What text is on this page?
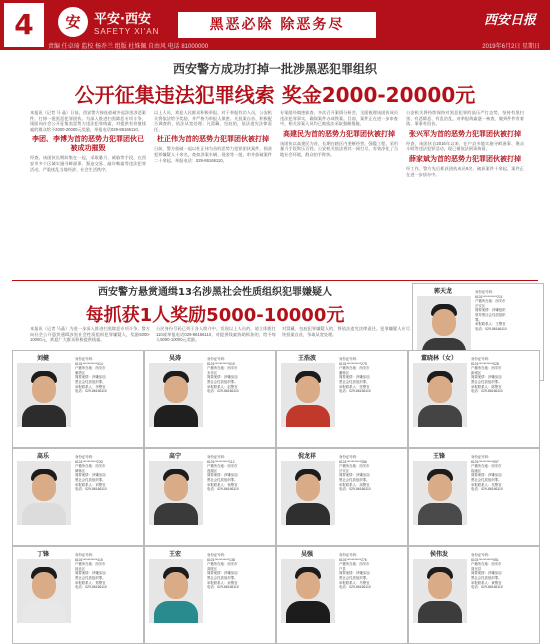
4	安	平安·西安
SAFETY XI'AN	黑恶必除 除恶务尽	西安日报
责编 任卓琦 监校 杨乔兰 组版 杜姝佩 自由风 电话 81000000	2019年6月2日 星期日
西安警方成功打掉一批涉黑恶犯罪组织
公开征集违法犯罪线索 奖金2000-20000元

本报讯（记者 马 晶）日前，西安警方接连侦破多起涉黑涉恶案件，打掉一批黑恶犯罪团伙。为深入推进扫黑除恶专项斗争，现面向社会公开征集黑恶势力违法犯罪线索，对提供有价值线索的群众给予2000-20000元奖励，举报电话029-86166110。

李团、李博为首的恶势力犯罪团伙已被成功摧毁

经查，该团伙长期纠集在一起，采取暴力、威胁等手段，在西安市多个区域实施寻衅滋事、强迫交易、敲诈勒索等违法犯罪活动，严重扰乱当地经济、社会生活秩序。

以上人员，欢迎人民群众积极举报。对于举报有功人员，公安机关将依法给予奖励，并严格为举报人保密。凡投案自首、积极配合调查的，依法从宽处理；凡窝藏、包庇的，依法追究法律责任。

杜正伟为首的恶势力犯罪团伙被打掉

日前，警方侦破一起以杜正伟为首的恶势力犯罪团伙案件，抓获犯罪嫌疑人十余名，查扣涉案车辆、现金等一批，串并侦破案件二十余起。举报电话：029-86166110。

专案组经缜密侦查，多次召开案情分析会，全面梳理该团伙成员违法犯罪事实，确保案件办成铁案。目前，案件正在进一步审查中，相关涉案人员均已被依法采取强制措施。

高建民为首的恶势力犯罪团伙被打掉

该团伙以高建民为首，长期在辖区内垄断经营，强揽工程，采用暴力手段欺压百姓。公安机关依法将其一网打尽，有效净化了当地社会环境，群众拍手称快。

公安机关将持续保持对黑恶犯罪的高压严打态势，坚持有黑扫黑、有恶除恶、有乱治乱，对举报线索逐一核查，做到件件有着落、事事有回音。

张兴军为首的恶势力犯罪团伙被打掉

经查，该团伙自2016年以来，在户县多地实施寻衅滋事、聚众斗殴等违法犯罪活动，现已被依法刑事拘留。

薛家斌为首的恶势力犯罪团伙被打掉

经工作，警方先后抓获团伙成员8名，破获案件十余起，案件正在进一步侦办中。

西安警方悬赏通缉13名涉黑社会性质组织犯罪嫌疑人
每抓获1人奖励5000-10000元

本报讯（记者 马晶）为进一步深入推进扫黑除恶专项斗争，警方向社会公开悬赏通缉涉黑社会性质组织犯罪嫌疑人，奖励5000-10000元，欢迎广大群众积极提供线索。

公民身份号码已列于各人简介中。发现以上人员的，请立即拨打110或举报电话029-86166110。对提供线索协助抓获的，给予每人5000-10000元奖励。

对窝藏、包庇犯罪嫌疑人的，将依法追究法律责任。犯罪嫌疑人应尽快投案自首，争取从宽处理。

郭天龙	身份证号码：

6101***********211

户籍所在地：西安市

长安区

简要案情：涉嫌组织

领导黑社会性质组织

罪。

举报联系人：王警官

电话：029-86166110

刘健	身份证号码：

6101***********314

户籍所在地：西安市

雁塔区

简要案情：涉嫌参加

黑社会性质组织罪。

举报联系人：李警官

电话：029-86166110

吴涛	身份证号码：

6101***********019

户籍所在地：西安市

未央区

简要案情：涉嫌参加

黑社会性质组织罪。

举报联系人：赵警官

电话：029-86166110

王浩波	身份证号码：

6101***********275

户籍所在地：西安市

灞桥区

简要案情：涉嫌参加

黑社会性质组织罪。

举报联系人：张警官

电话：029-86166110

董晓林（女）	身份证号码：

6101***********028

户籍所在地：西安市

新城区

简要案情：涉嫌参加

黑社会性质组织罪。

举报联系人：陈警官

电话：029-86166110

高乐	身份证号码：

6101***********233

户籍所在地：西安市

碑林区

简要案情：涉嫌参加

黑社会性质组织罪。

举报联系人：刘警官

电话：029-86166110

高宁	身份证号码：

6101***********112

户籍所在地：西安市

莲湖区

简要案情：涉嫌参加

黑社会性质组织罪。

举报联系人：杨警官

电话：029-86166110

倪龙祥	身份证号码：

6101***********356

户籍所在地：西安市

长安区

简要案情：涉嫌参加

黑社会性质组织罪。

举报联系人：周警官

电话：029-86166110

王锋	身份证号码：

6101***********097

户籍所在地：西安市

临潼区

简要案情：涉嫌参加

黑社会性质组织罪。

举报联系人：吴警官

电话：029-86166110

丁锋	身份证号码：

6101***********415

户籍所在地：西安市

阎良区

简要案情：涉嫌参加

黑社会性质组织罪。

举报联系人：郑警官

电话：029-86166110

王宏	身份证号码：

6101***********138

户籍所在地：西安市

高陵区

简要案情：涉嫌参加

黑社会性质组织罪。

举报联系人：孙警官

电话：029-86166110

吴强	身份证号码：

6101***********276

户籍所在地：西安市

户县

简要案情：涉嫌参加

黑社会性质组织罪。

举报联系人：马警官

电话：029-86166110

侯伟发	身份证号码：

6101***********051

户籍所在地：西安市

周至县

简要案情：涉嫌参加

黑社会性质组织罪。

举报联系人：黄警官

电话：029-86166110
